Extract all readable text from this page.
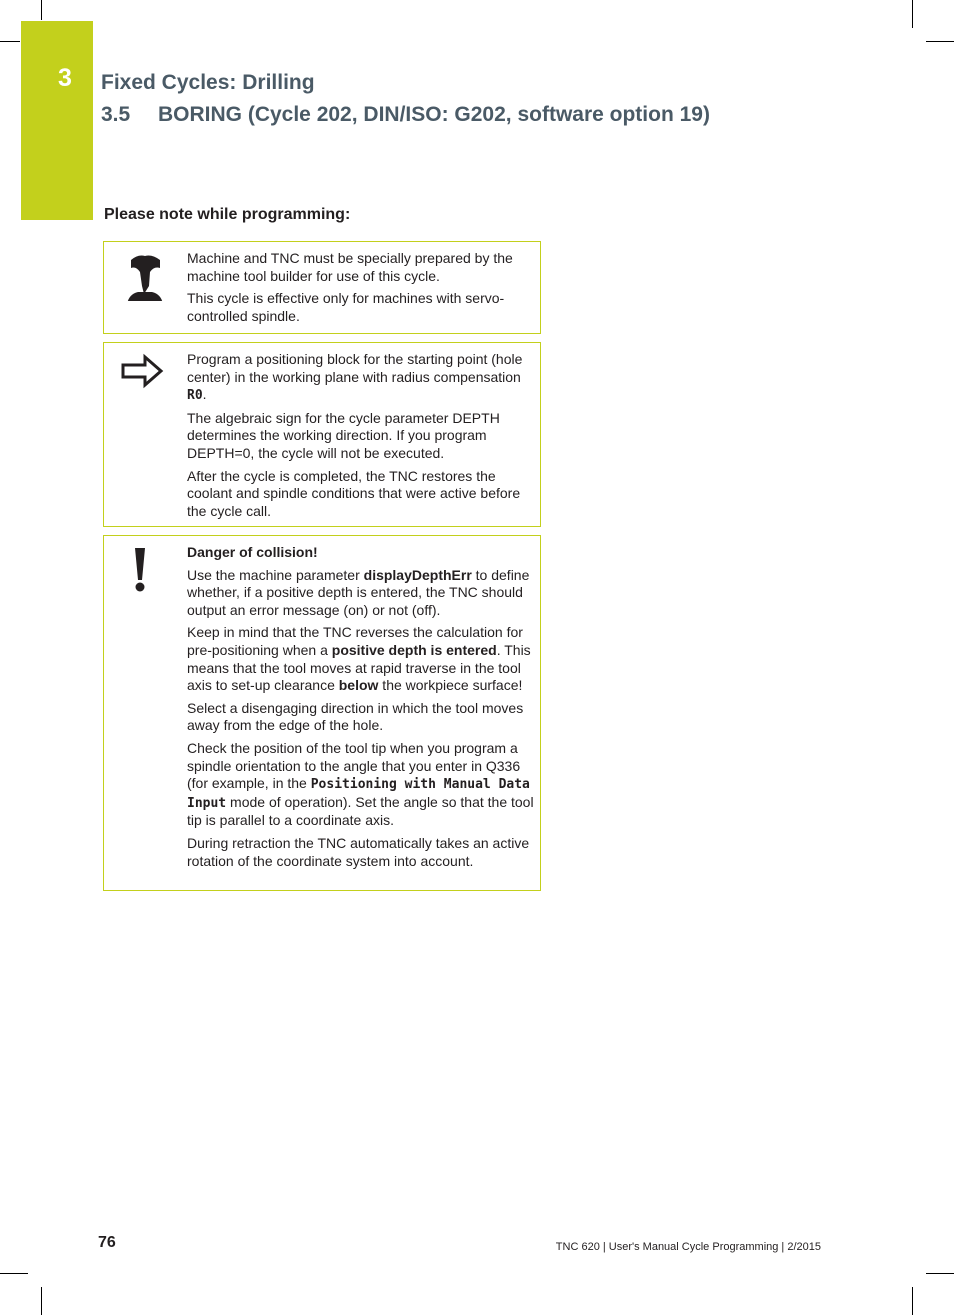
3 Fixed Cycles: Drilling
3.5 BORING (Cycle 202, DIN/ISO: G202, software option 19)
Please note while programming:

Machine and TNC must be specially prepared by the machine tool builder for use of this cycle.

This cycle is effective only for machines with servo-controlled spindle.

Program a positioning block for the starting point (hole center) in the working plane with radius compensation R0.

The algebraic sign for the cycle parameter DEPTH determines the working direction. If you program DEPTH=0, the cycle will not be executed.

After the cycle is completed, the TNC restores the coolant and spindle conditions that were active before the cycle call.

Danger of collision!

Use the machine parameter displayDepthErr to define whether, if a positive depth is entered, the TNC should output an error message (on) or not (off).

Keep in mind that the TNC reverses the calculation for pre-positioning when a positive depth is entered. This means that the tool moves at rapid traverse in the tool axis to set-up clearance below the workpiece surface!

Select a disengaging direction in which the tool moves away from the edge of the hole.

Check the position of the tool tip when you program a spindle orientation to the angle that you enter in Q336 (for example, in the Positioning with Manual Data Input mode of operation). Set the angle so that the tool tip is parallel to a coordinate axis.

During retraction the TNC automatically takes an active rotation of the coordinate system into account.

76	TNC 620 | User's Manual Cycle Programming | 2/2015
